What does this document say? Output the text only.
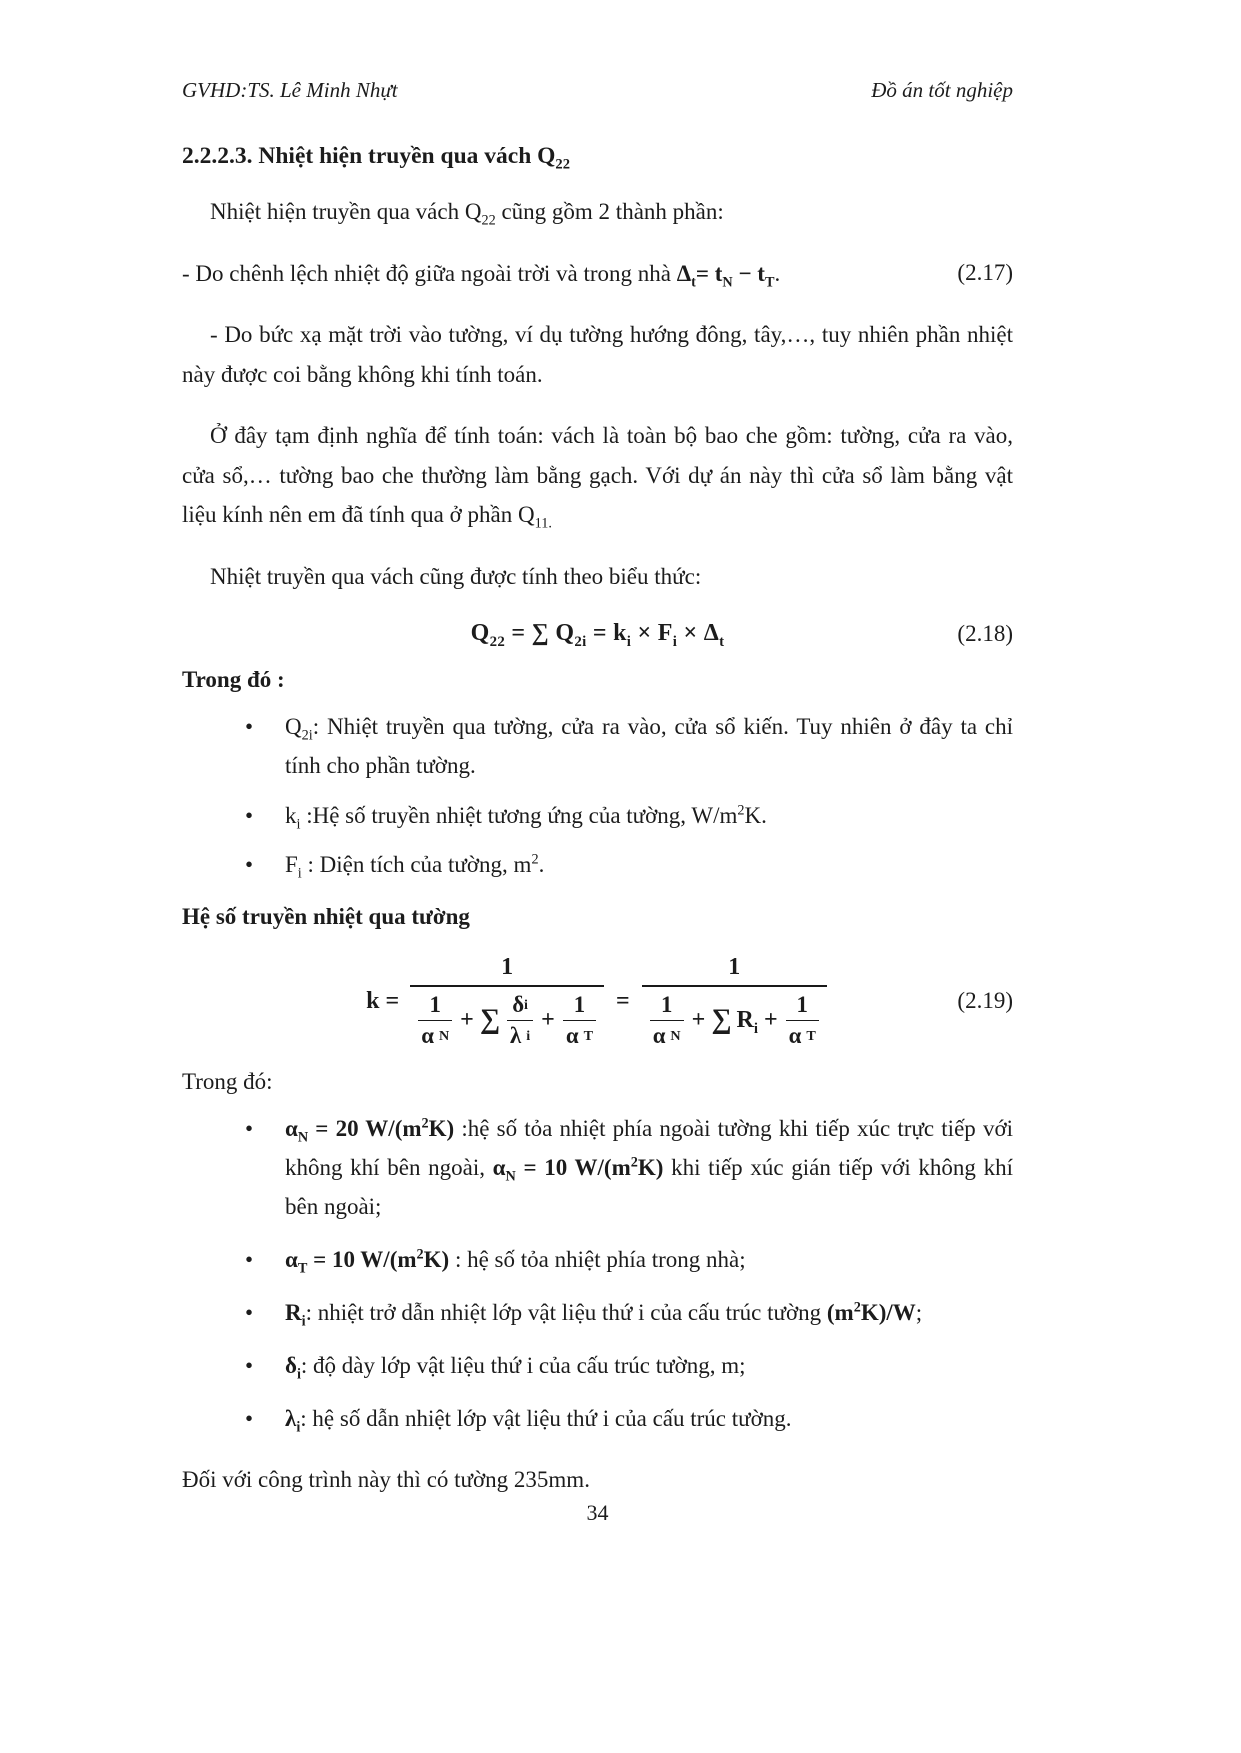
GVHD:TS. Lê Minh Nhựt	Đồ án tốt nghiệp
2.2.2.3. Nhiệt hiện truyền qua vách $Q_{22}$

Nhiệt hiện truyền qua vách $Q_{22}$ cũng gồm 2 thành phần:

- Do chênh lệch nhiệt độ giữa ngoài trời và trong nhà $\Delta_t= t_N - t_T$.	(2.17)

- Do bức xạ mặt trời vào tường, ví dụ tường hướng đông, tây,…, tuy nhiên phần nhiệt này được coi bằng không khi tính toán.

Ở đây tạm định nghĩa để tính toán: vách là toàn bộ bao che gồm: tường, cửa ra vào, cửa sổ,… tường bao che thường làm bằng gạch. Với dự án này thì cửa sổ làm bằng vật liệu kính nên em đã tính qua ở phần $Q_{11.}$

Nhiệt truyền qua vách cũng được tính theo biểu thức:

$Q_{22}$ = ∑ $Q_{2i} = k_i \times F_i \times \Delta_t$	(2.18)

Trong đó :

•
$Q_{2i}$: Nhiệt truyền qua tường, cửa ra vào, cửa sổ kiến. Tuy nhiên ở đây ta chỉ tính cho phần tường.
•
$k_i$ :Hệ số truyền nhiệt tương ứng của tường, $W/m^2K$.
•
$F_i$ : Diện tích của tường, $m^2$.

Hệ số truyền nhiệt qua tường

k =
1
$\frac{1}{\text{α N}}$ + ∑ $\frac{\text{δ i}}{\text{λ i}} + \frac{1}{\text{α T}}$ =
1
$\frac{1}{\text{α N}}$ + ∑ $R_i + \frac{1}{\text{α T}}$	(2.19)

Trong đó:

•
$\alpha_N = 20$ $W/(m^2K)$ :hệ số tỏa nhiệt phía ngoài tường khi tiếp xúc trực tiếp với không khí bên ngoài, $\alpha_N = 10$ $W/(m^2K)$ khi tiếp xúc gián tiếp với không khí bên ngoài;
•
$\alpha_T = 10$ $W/(m^2K)$ : hệ số tỏa nhiệt phía trong nhà;
•
$R_i$: nhiệt trở dẫn nhiệt lớp vật liệu thứ i của cấu trúc tường $(m^2K)/W$;
•
$\delta_i$: độ dày lớp vật liệu thứ i của cấu trúc tường, m;
•
$\lambda_i$: hệ số dẫn nhiệt lớp vật liệu thứ i của cấu trúc tường.

Đối với công trình này thì có tường 235mm.

34
